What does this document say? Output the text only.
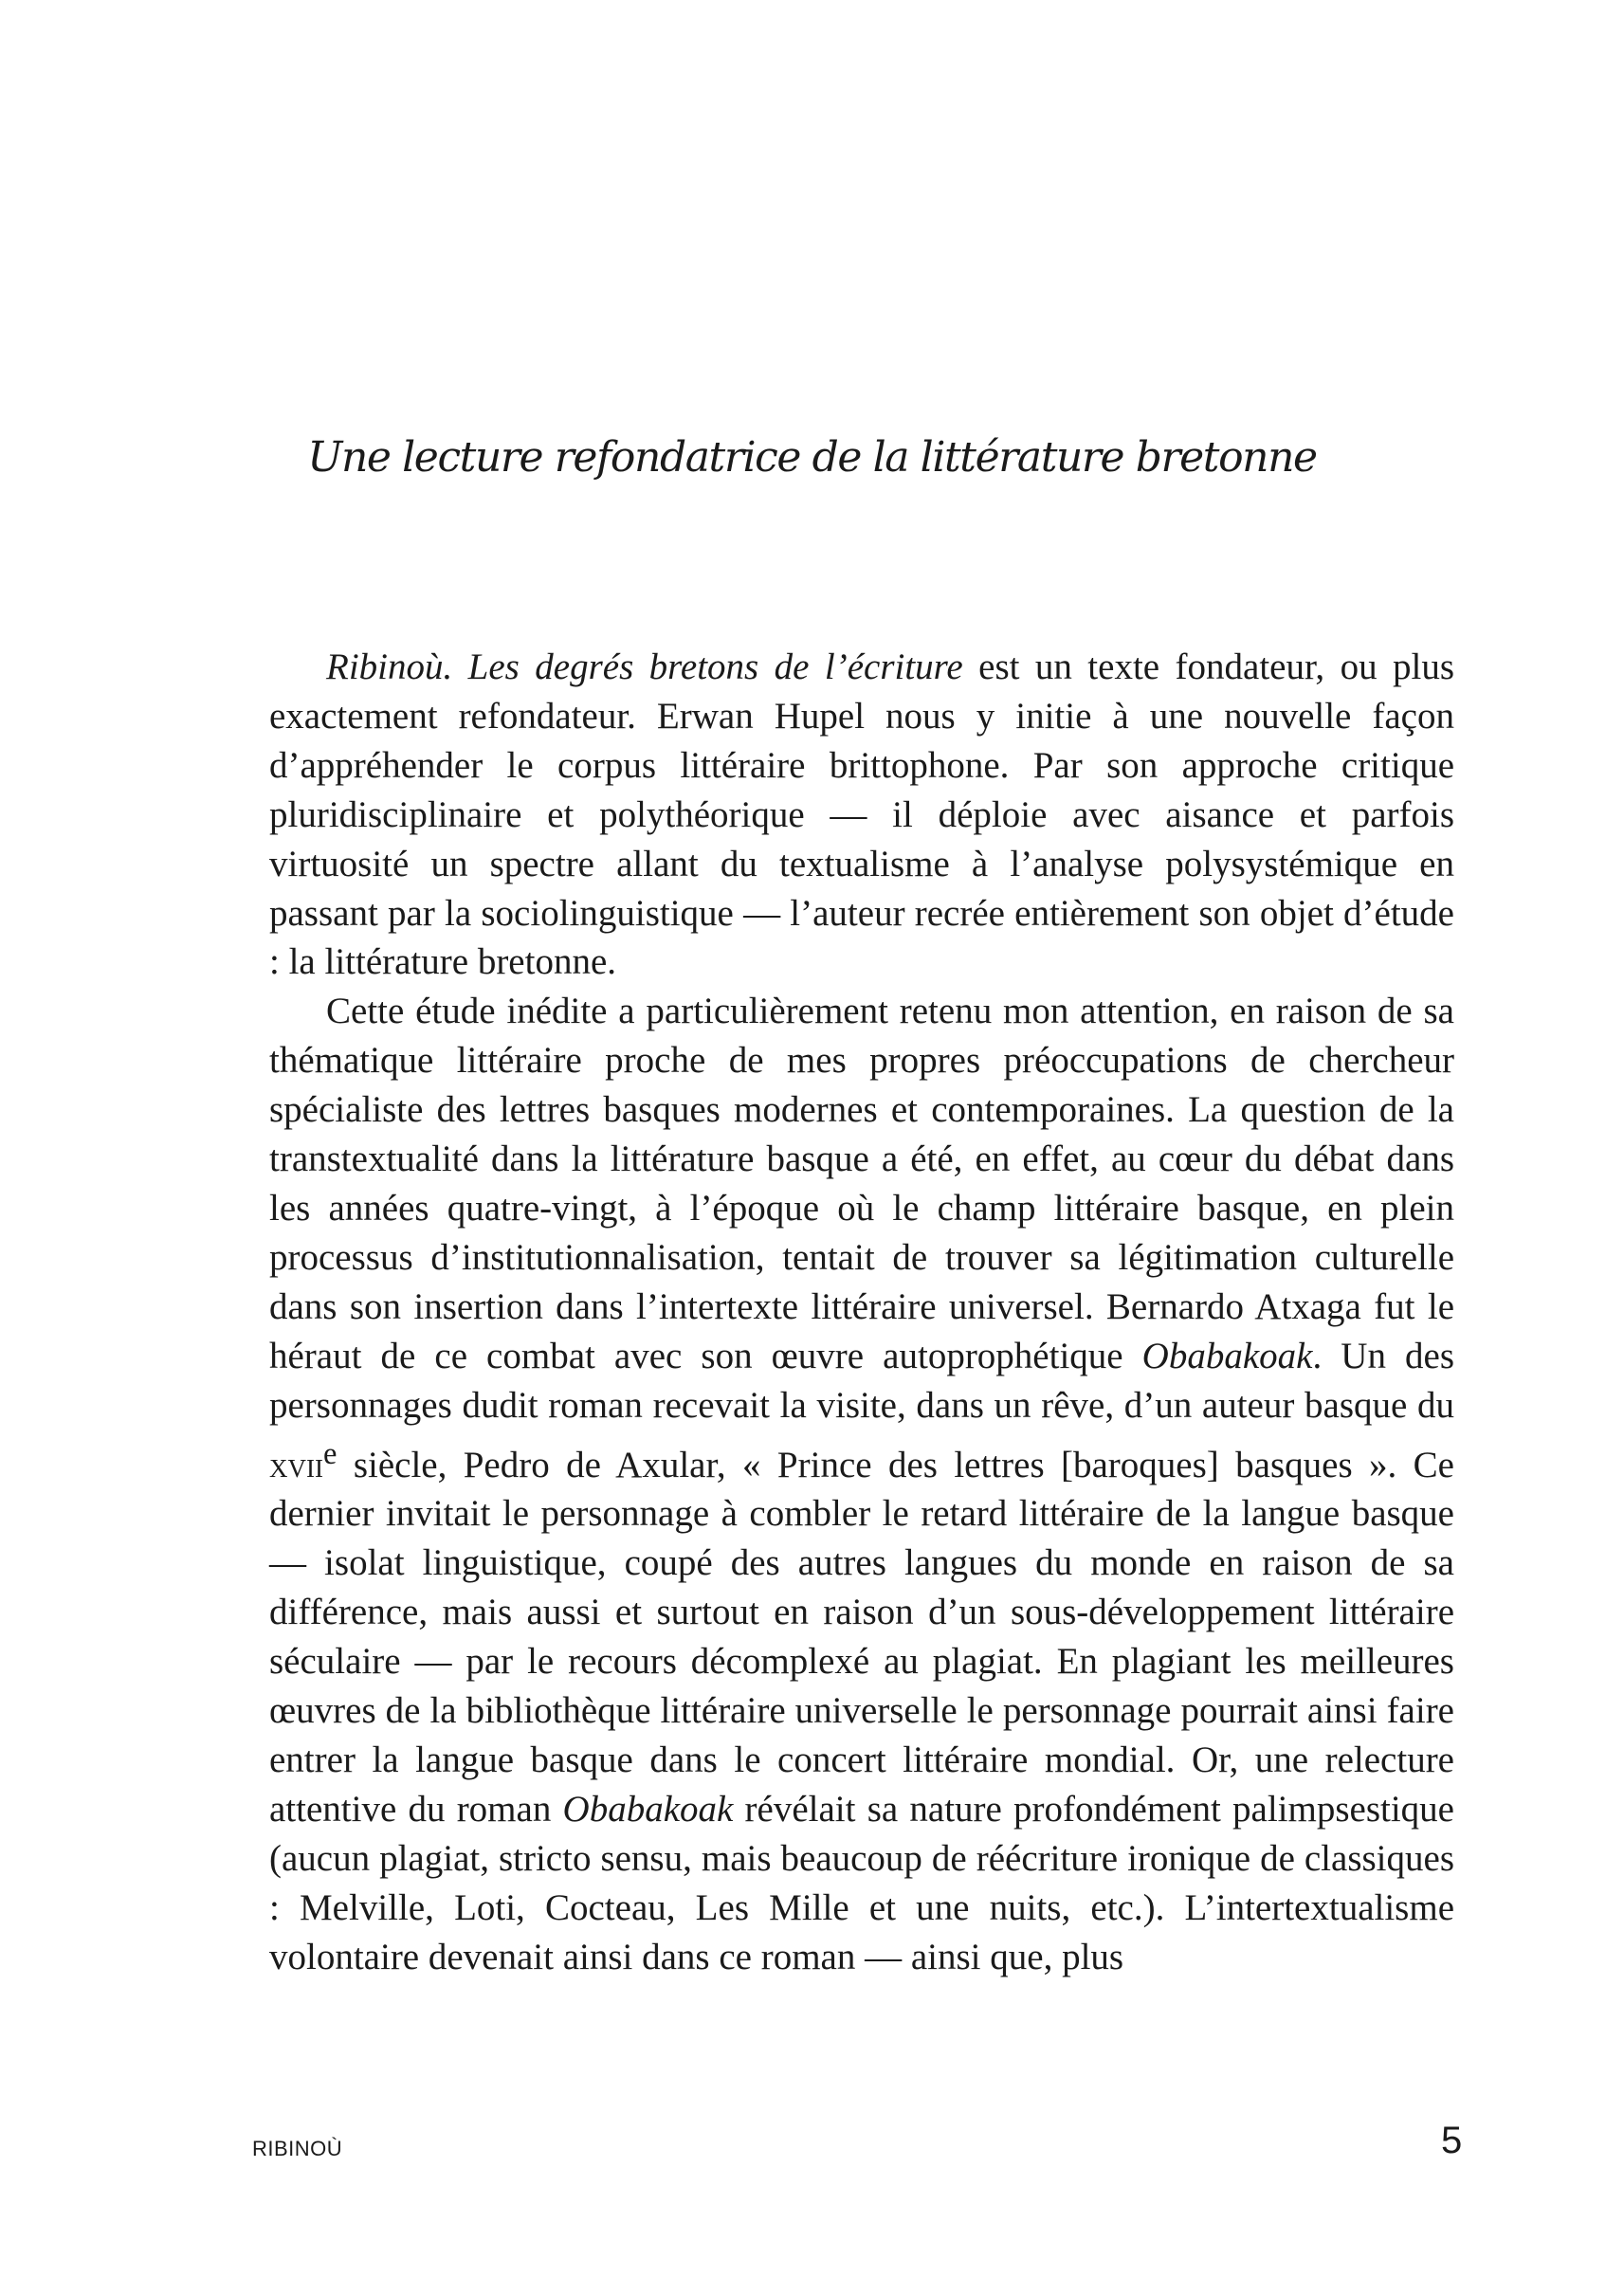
Une lecture refondatrice de la littérature bretonne

Ribinoù. Les degrés bretons de l’écriture est un texte fondateur, ou plus exactement refondateur. Erwan Hupel nous y initie à une nouvelle façon d’appréhender le corpus littéraire brittophone. Par son approche critique pluridisciplinaire et polythéorique — il déploie avec aisance et parfois virtuosité un spectre allant du textualisme à l’analyse polysystémique en passant par la sociolinguistique — l’auteur recrée entièrement son objet d’étude : la littérature bretonne.

Cette étude inédite a particulièrement retenu mon attention, en raison de sa thématique littéraire proche de mes propres préoccupations de chercheur spécialiste des lettres basques modernes et contemporaines. La question de la transtextualité dans la littérature basque a été, en effet, au cœur du débat dans les années quatre-vingt, à l’époque où le champ littéraire basque, en plein processus d’institutionnalisation, tentait de trouver sa légitimation culturelle dans son insertion dans l’intertexte littéraire universel. Bernardo Atxaga fut le héraut de ce combat avec son œuvre autoprophétique Obabakoak. Un des personnages dudit roman recevait la visite, dans un rêve, d’un auteur basque du xvii$^e$ siècle, Pedro de Axular, « Prince des lettres [baroques] basques ». Ce dernier invitait le personnage à combler le retard littéraire de la langue basque — isolat linguistique, coupé des autres langues du monde en raison de sa différence, mais aussi et surtout en raison d’un sous-développement littéraire séculaire — par le recours décomplexé au plagiat. En plagiant les meilleures œuvres de la bibliothèque littéraire universelle le personnage pourrait ainsi faire entrer la langue basque dans le concert littéraire mondial. Or, une relecture attentive du roman Obabakoak révélait sa nature profondément palimpsestique (aucun plagiat, stricto sensu, mais beaucoup de réécriture ironique de classiques : Melville, Loti, Cocteau, Les Mille et une nuits, etc.). L’intertextualisme volontaire devenait ainsi dans ce roman — ainsi que, plus

RIBINOÙ	5
